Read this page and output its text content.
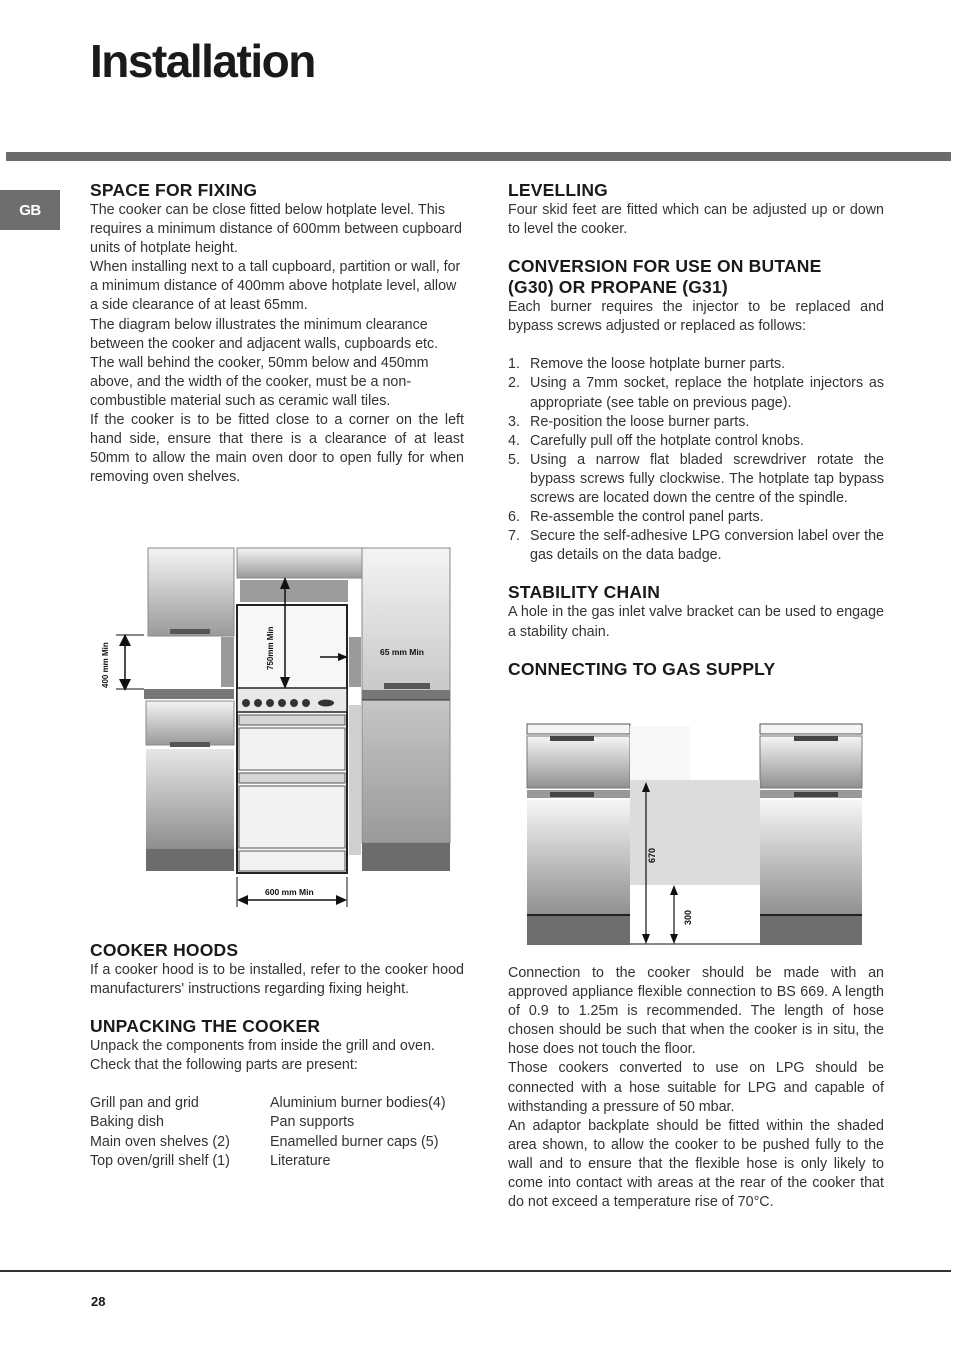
Installation
GB
SPACE FOR FIXING

The cooker can be close fitted below hotplate level. This requires a minimum distance of 600mm between cupboard units of hotplate height.

When installing next to a tall cupboard, partition or wall, for a minimum distance of 400mm above hotplate level, allow a side clearance of at least 65mm.

The diagram below illustrates the minimum clearance between the cooker and adjacent walls, cupboards etc.

The wall behind the cooker, 50mm below and 450mm above, and the width of the cooker, must be a non-combustible material such as ceramic wall tiles.

If the cooker is to be fitted close to a corner on the left hand side, ensure that there is a clearance of at least 50mm to allow the main oven door to open fully for when removing oven shelves.

400 mm Min	750mm Min	65 mm Min
600 mm Min
COOKER HOODS

If a cooker hood is to be installed, refer to the cooker hood manufacturers' instructions regarding fixing height.

UNPACKING THE COOKER

Unpack the components from inside the grill and oven.

Check that the following parts are present:

Grill pan and grid	Aluminium burner bodies(4)
Baking dish	Pan supports
Main oven shelves (2)	Enamelled burner caps (5)
Top oven/grill shelf (1)	Literature
LEVELLING

Four skid feet are fitted which can be adjusted up or down to level the cooker.

CONVERSION FOR USE ON BUTANE
(G30) OR PROPANE (G31)

Each burner requires the injector to be replaced and bypass screws adjusted or replaced as follows:

1. Remove the loose hotplate burner parts.
2. Using a 7mm socket, replace the hotplate injectors as appropriate (see table on previous page).
3. Re-position the loose burner parts.
4. Carefully pull off the hotplate control knobs.
5. Using a narrow flat bladed screwdriver rotate the bypass screws fully clockwise. The hotplate tap bypass screws are located down the centre of the spindle.
6. Re-assemble the control panel parts.
7. Secure the self-adhesive LPG conversion label over the gas details on the data badge.
STABILITY CHAIN

A hole in the gas inlet valve bracket can be used to engage a stability chain.

CONNECTING TO GAS SUPPLY
670
300

Connection to the cooker should be made with an approved appliance flexible connection to BS 669. A length of 0.9 to 1.25m is recommended. The length of hose chosen should be such that when the cooker is in situ, the hose does not touch the floor.

Those cookers converted to use on LPG should be connected with a hose suitable for LPG and capable of withstanding a pressure of 50 mbar.

An adaptor backplate should be fitted within the shaded area shown, to allow the cooker to be pushed fully to the wall and to ensure that the flexible hose is only likely to come into contact with areas at the rear of the cooker that do not exceed a temperature rise of 70°C.

28
